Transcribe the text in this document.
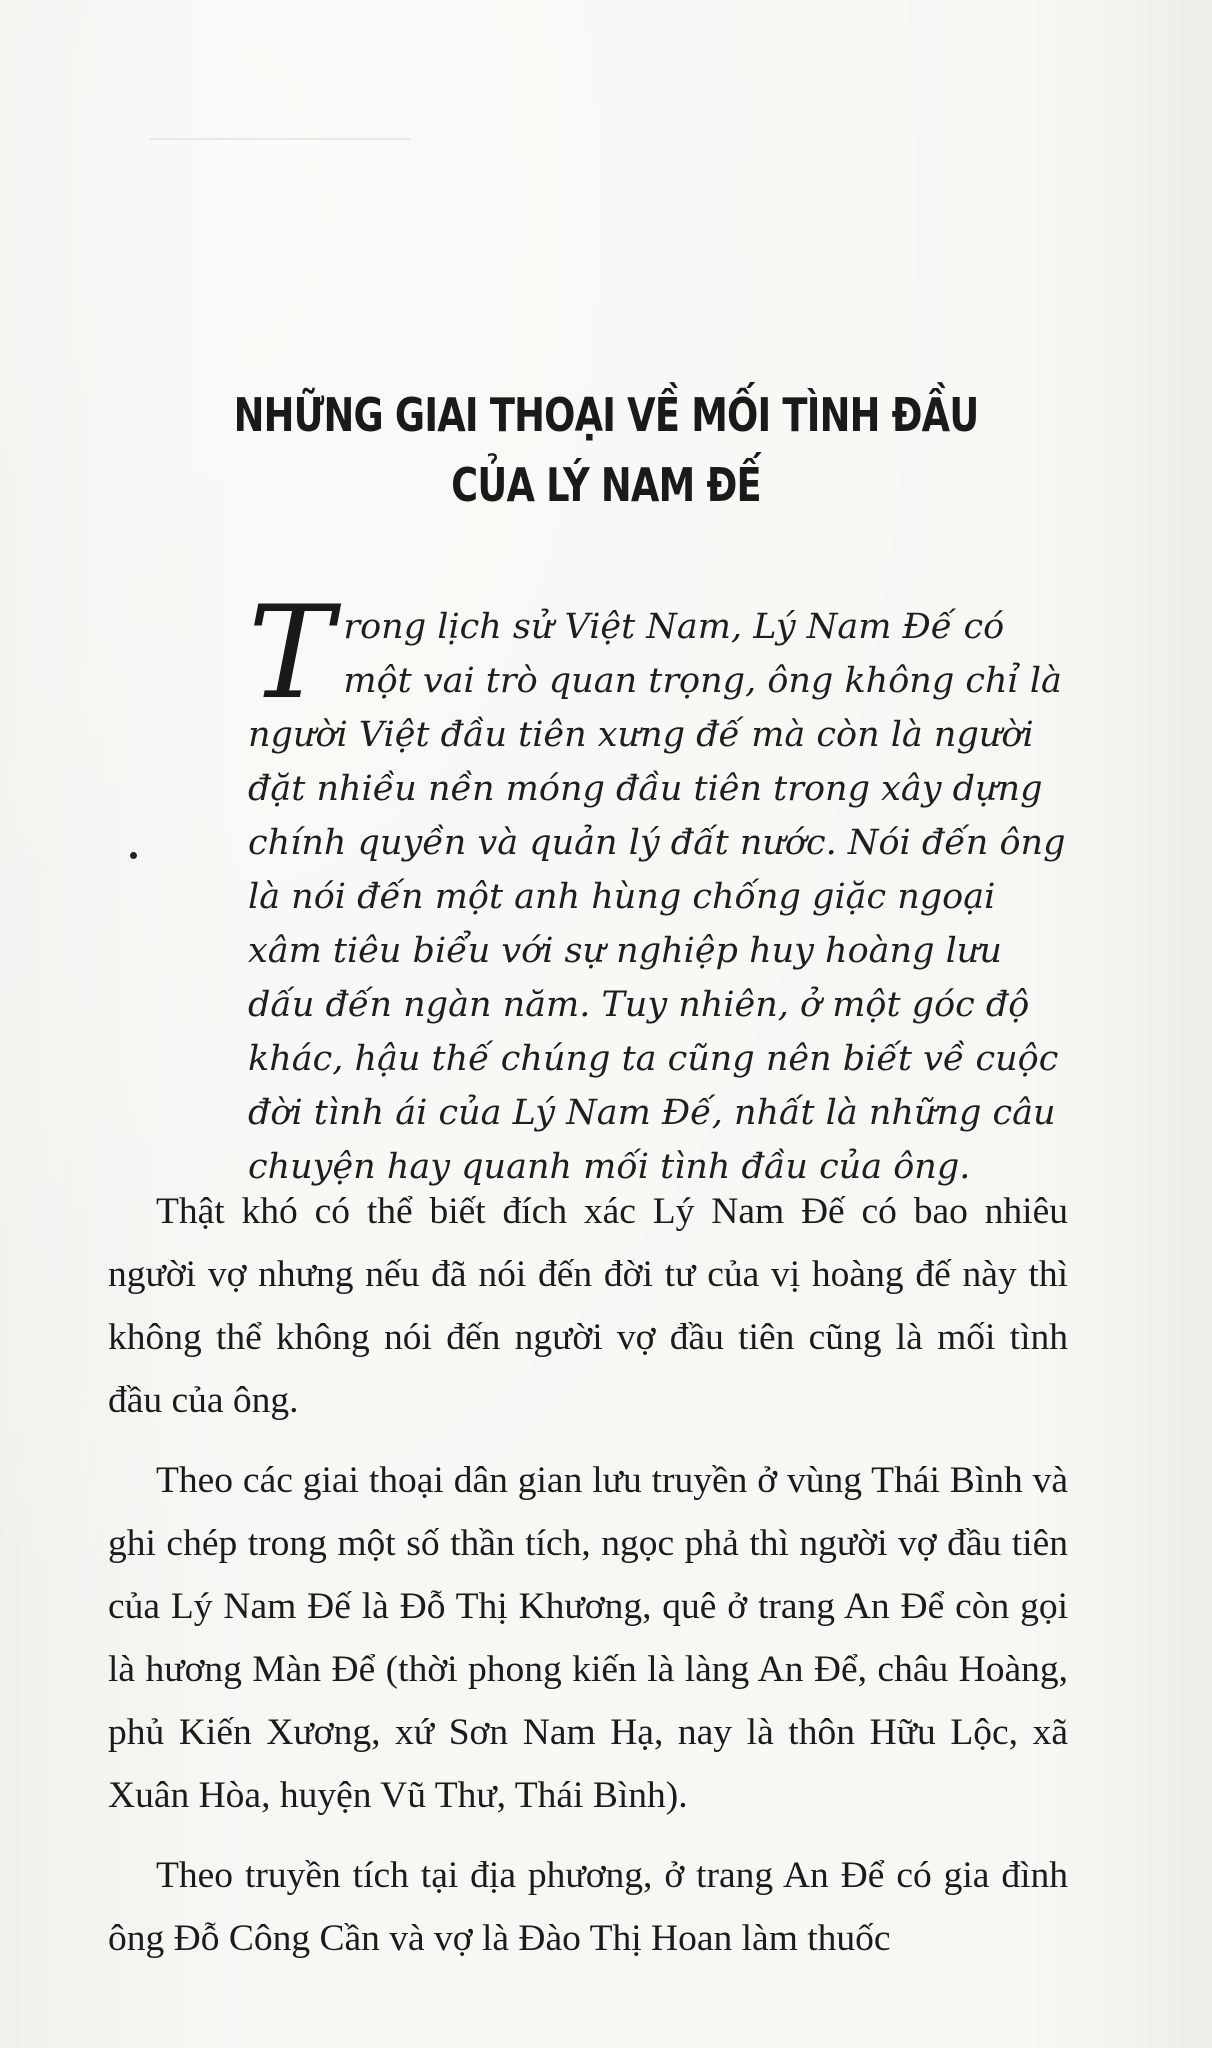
NHỮNG GIAI THOẠI VỀ MỐI TÌNH ĐẦU
CỦA LÝ NAM ĐẾ

Trong lịch sử Việt Nam, Lý Nam Đế có một vai trò quan trọng, ông không chỉ là người Việt đầu tiên xưng đế mà còn là người đặt nhiều nền móng đầu tiên trong xây dựng chính quyền và quản lý đất nước. Nói đến ông là nói đến một anh hùng chống giặc ngoại xâm tiêu biểu với sự nghiệp huy hoàng lưu dấu đến ngàn năm. Tuy nhiên, ở một góc độ khác, hậu thế chúng ta cũng nên biết về cuộc đời tình ái của Lý Nam Đế, nhất là những câu chuyện hay quanh mối tình đầu của ông.

Thật khó có thể biết đích xác Lý Nam Đế có bao nhiêu người vợ nhưng nếu đã nói đến đời tư của vị hoàng đế này thì không thể không nói đến người vợ đầu tiên cũng là mối tình đầu của ông.

Theo các giai thoại dân gian lưu truyền ở vùng Thái Bình và ghi chép trong một số thần tích, ngọc phả thì người vợ đầu tiên của Lý Nam Đế là Đỗ Thị Khương, quê ở trang An Để còn gọi là hương Màn Để (thời phong kiến là làng An Để, châu Hoàng, phủ Kiến Xương, xứ Sơn Nam Hạ, nay là thôn Hữu Lộc, xã Xuân Hòa, huyện Vũ Thư, Thái Bình).

Theo truyền tích tại địa phương, ở trang An Để có gia đình ông Đỗ Công Cần và vợ là Đào Thị Hoan làm thuốc
